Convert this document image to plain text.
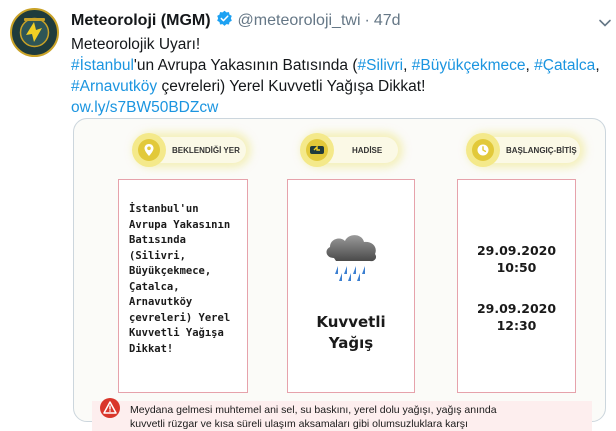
Meteoroloji (MGM) @meteoroloji_twi · 47d
Meteorolojik Uyarı!
#İstanbul'un Avrupa Yakasının Batısında (#Silivri, #Büyükçekmece, #Çatalca,
#Arnavutköy çevreleri) Yerel Kuvvetli Yağışa Dikkat!
ow.ly/s7BW50BDZcw
BEKLENDİĞİ YER	HADİSE	BAŞLANGIÇ-BİTİŞ
İstanbul'un
Avrupa Yakasının
Batısında
(Silivri,
Büyükçekmece,
Çatalca,
Arnavutköy
çevreleri) Yerel
Kuvvetli Yağışa
Dikkat!
Kuvvetli
Yağış
29.09.2020
10:50
29.09.2020
12:30
Meydana gelmesi muhtemel ani sel, su baskını, yerel dolu yağışı, yağış anında
kuvvetli rüzgar ve kısa süreli ulaşım aksamaları gibi olumsuzluklara karşı
